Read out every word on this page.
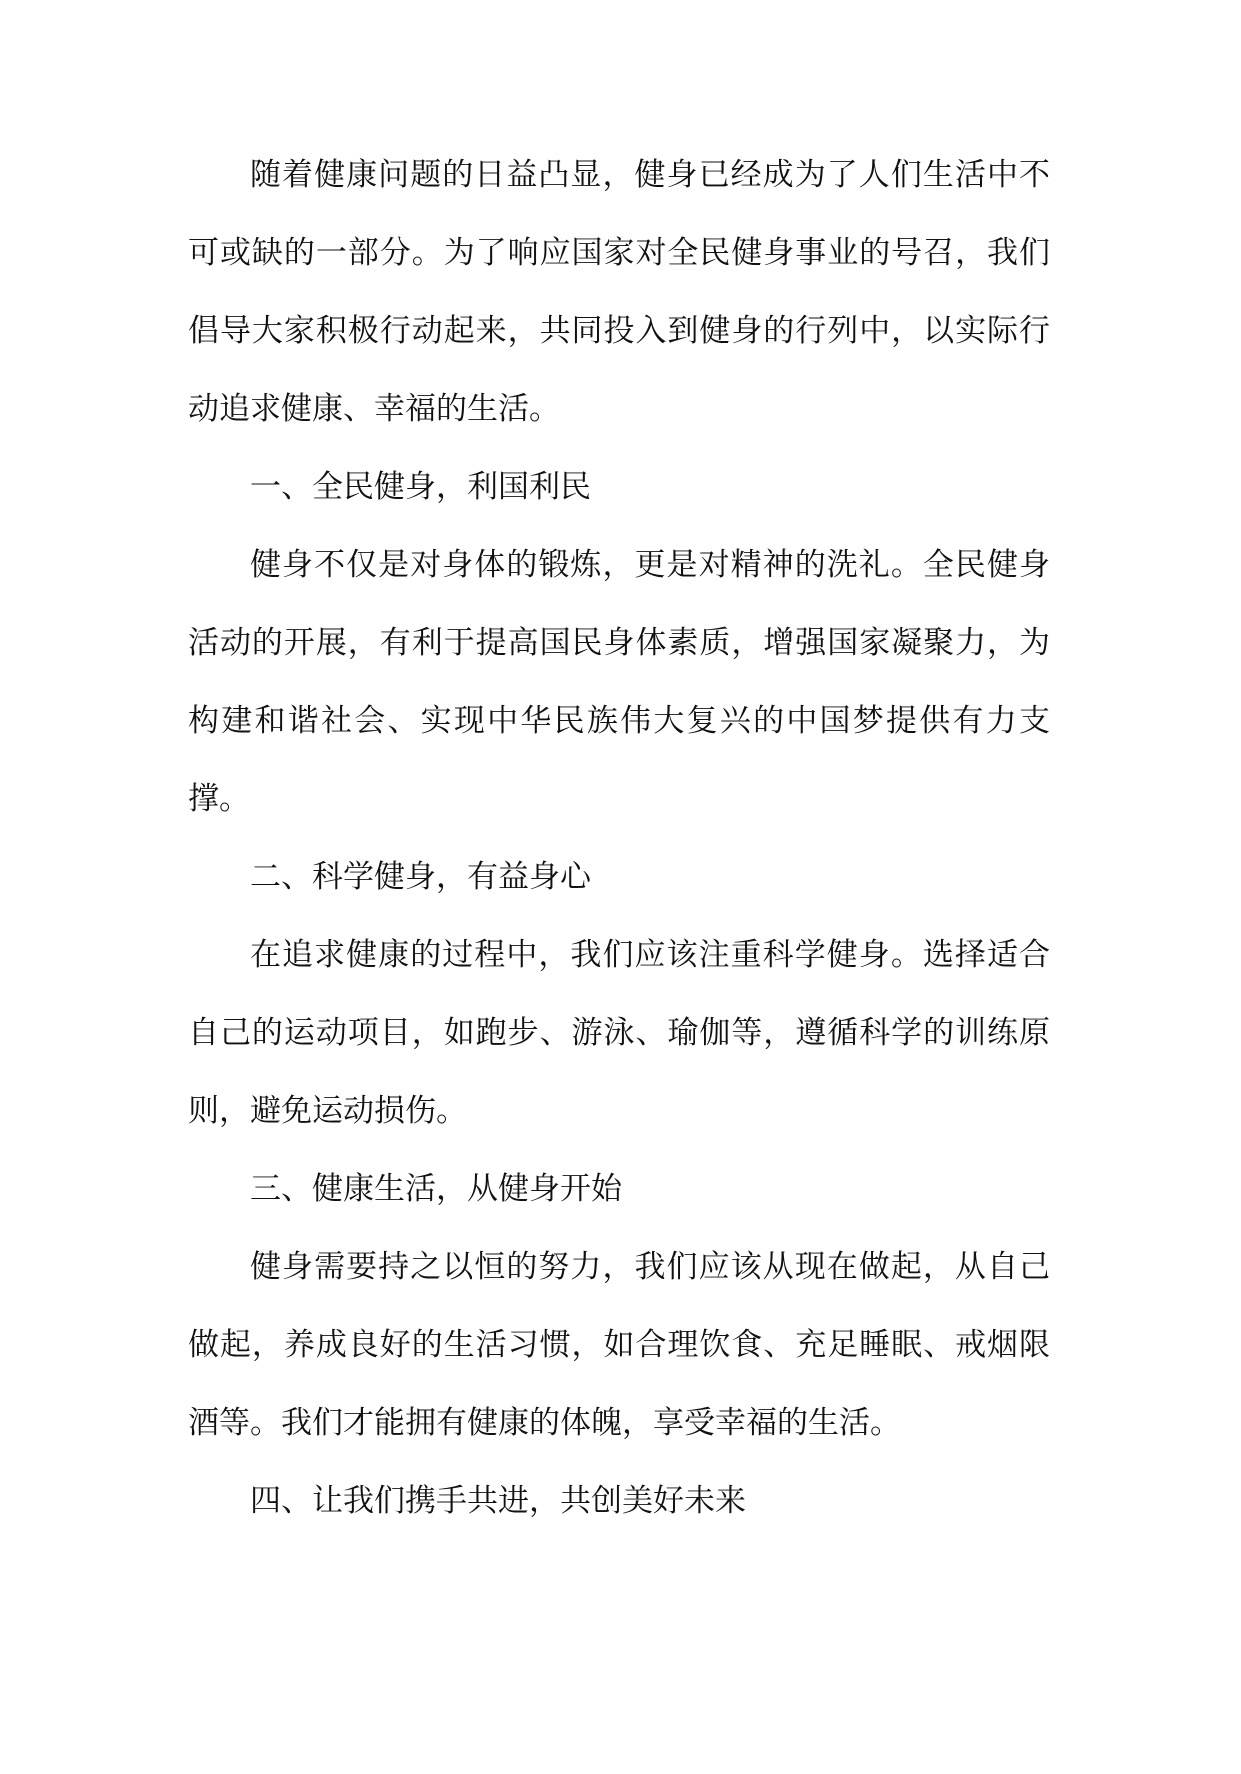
随着健康问题的日益凸显，健身已经成为了人们生活中不可或缺的一部分。为了响应国家对全民健身事业的号召，我们倡导大家积极行动起来，共同投入到健身的行列中，以实际行动追求健康、幸福的生活。

一、全民健身，利国利民

健身不仅是对身体的锻炼，更是对精神的洗礼。全民健身活动的开展，有利于提高国民身体素质，增强国家凝聚力，为构建和谐社会、实现中华民族伟大复兴的中国梦提供有力支撑。

二、科学健身，有益身心

在追求健康的过程中，我们应该注重科学健身。选择适合自己的运动项目，如跑步、游泳、瑜伽等，遵循科学的训练原则，避免运动损伤。

三、健康生活，从健身开始

健身需要持之以恒的努力，我们应该从现在做起，从自己做起，养成良好的生活习惯，如合理饮食、充足睡眠、戒烟限酒等。我们才能拥有健康的体魄，享受幸福的生活。

四、让我们携手共进，共创美好未来
